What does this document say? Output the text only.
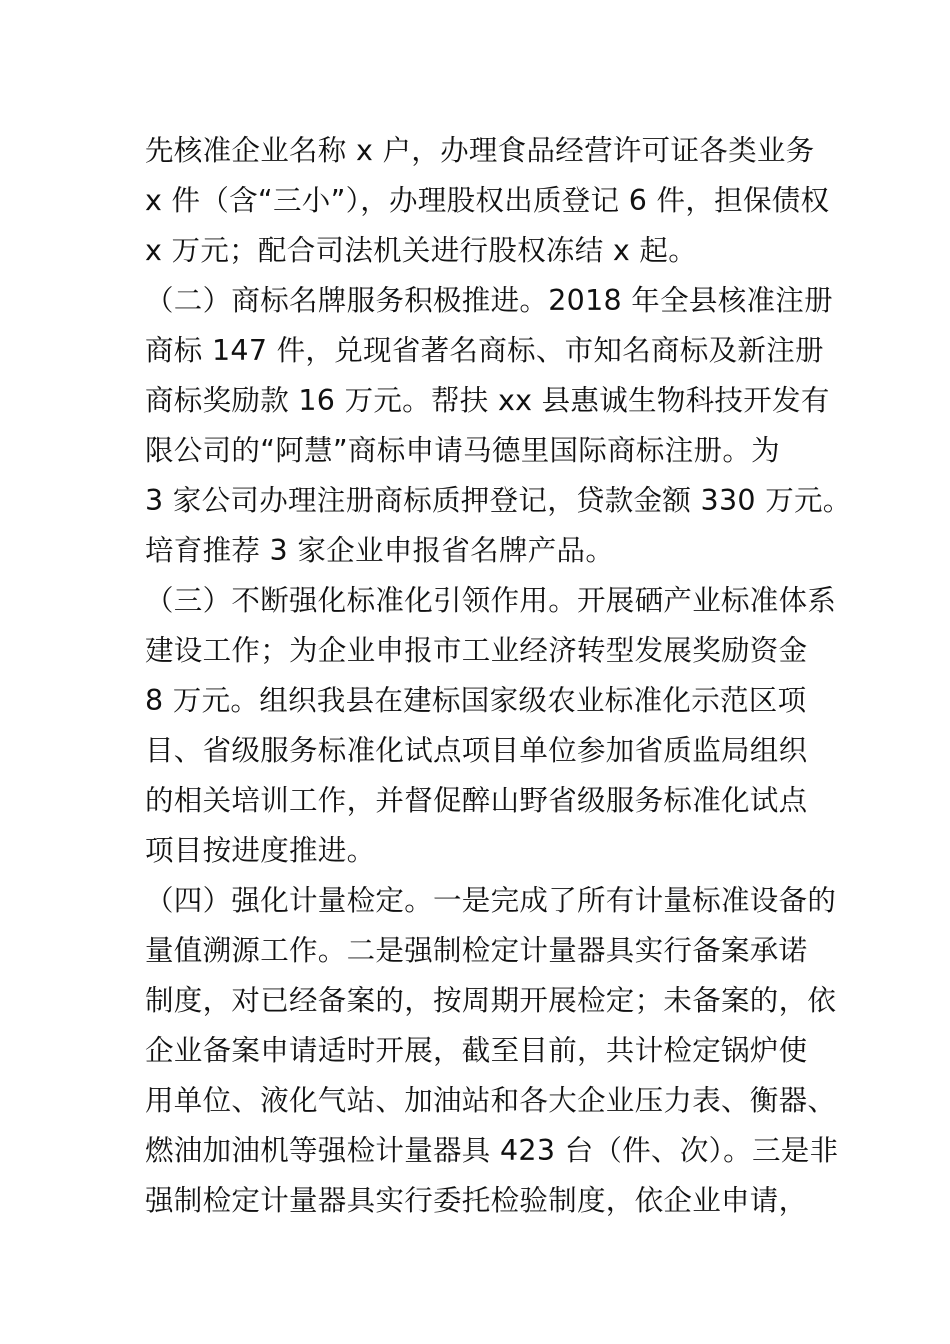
先核准企业名称 x 户，办理食品经营许可证各类业务
x 件（含“三小”），办理股权出质登记 6 件，担保债权
x 万元；配合司法机关进行股权冻结 x 起。
（二）商标名牌服务积极推进。2018 年全县核准注册
商标 147 件，兑现省著名商标、市知名商标及新注册
商标奖励款 16 万元。帮扶 xx 县惠诚生物科技开发有
限公司的“阿慧”商标申请马德里国际商标注册。为
3 家公司办理注册商标质押登记，贷款金额 330 万元。
培育推荐 3 家企业申报省名牌产品。
（三）不断强化标准化引领作用。开展硒产业标准体系
建设工作；为企业申报市工业经济转型发展奖励资金
8 万元。组织我县在建标国家级农业标准化示范区项
目、省级服务标准化试点项目单位参加省质监局组织
的相关培训工作，并督促醉山野省级服务标准化试点
项目按进度推进。
（四）强化计量检定。一是完成了所有计量标准设备的
量值溯源工作。二是强制检定计量器具实行备案承诺
制度，对已经备案的，按周期开展检定；未备案的，依
企业备案申请适时开展，截至目前，共计检定锅炉使
用单位、液化气站、加油站和各大企业压力表、衡器、
燃油加油机等强检计量器具 423 台（件、次）。三是非
强制检定计量器具实行委托检验制度，依企业申请，
